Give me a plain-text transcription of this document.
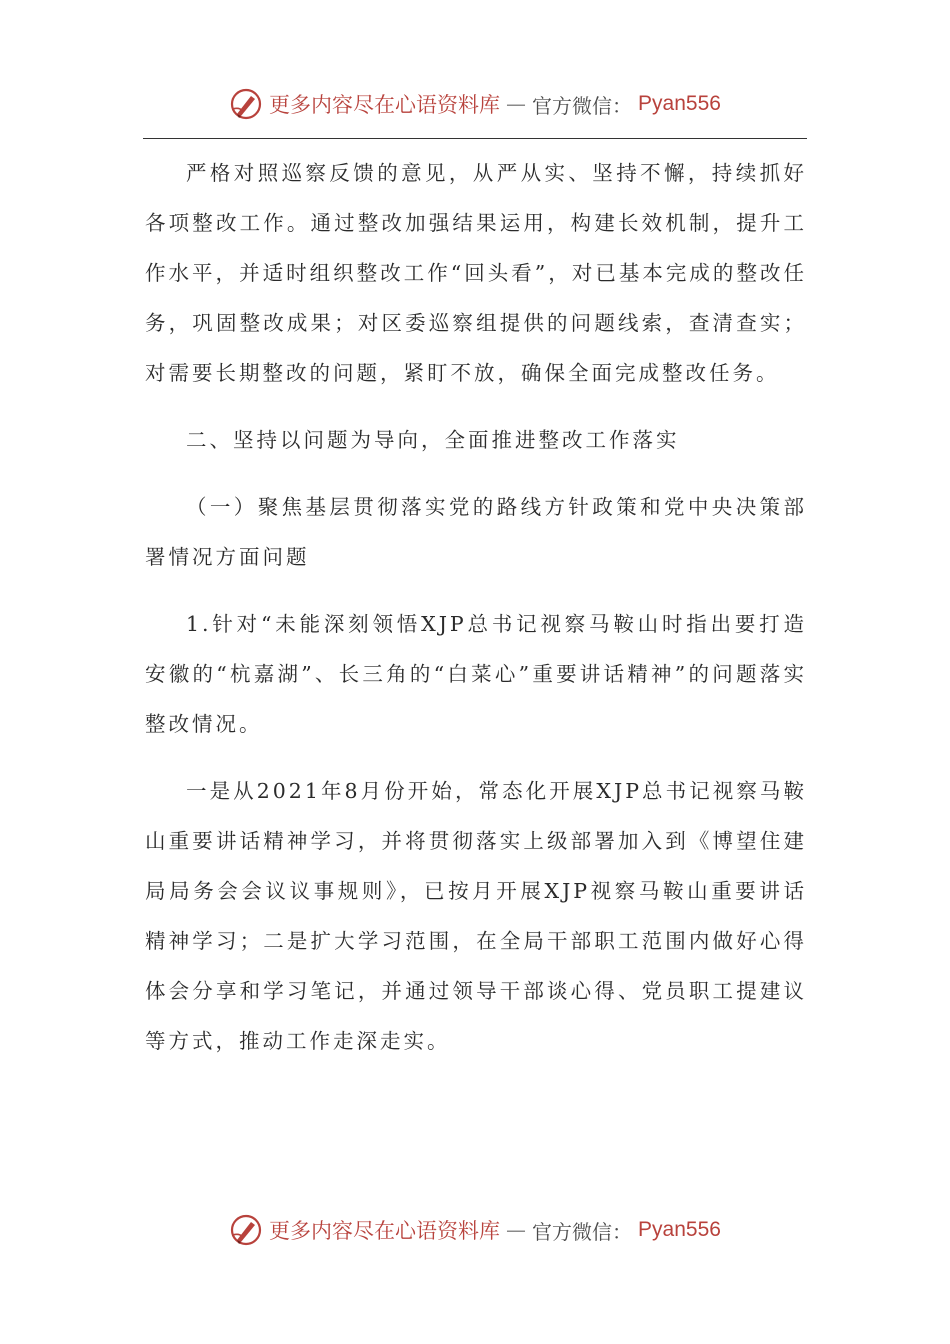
更多内容尽在心语资料库 — 官方微信： Pyan556

严格对照巡察反馈的意见，从严从实、坚持不懈，持续抓好各项整改工作。通过整改加强结果运用，构建长效机制，提升工作水平，并适时组织整改工作“回头看”，对已基本完成的整改任务，巩固整改成果；对区委巡察组提供的问题线索，查清查实；对需要长期整改的问题，紧盯不放，确保全面完成整改任务。

二、坚持以问题为导向，全面推进整改工作落实

（一）聚焦基层贯彻落实党的路线方针政策和党中央决策部署情况方面问题

1.针对“未能深刻领悟XJP总书记视察马鞍山时指出要打造安徽的“杭嘉湖”、长三角的“白菜心”重要讲话精神”的问题落实整改情况。

一是从2021年8月份开始，常态化开展XJP总书记视察马鞍山重要讲话精神学习，并将贯彻落实上级部署加入到《博望住建局局务会会议议事规则》，已按月开展XJP视察马鞍山重要讲话精神学习；二是扩大学习范围，在全局干部职工范围内做好心得体会分享和学习笔记，并通过领导干部谈心得、党员职工提建议等方式，推动工作走深走实。

更多内容尽在心语资料库 — 官方微信： Pyan556
